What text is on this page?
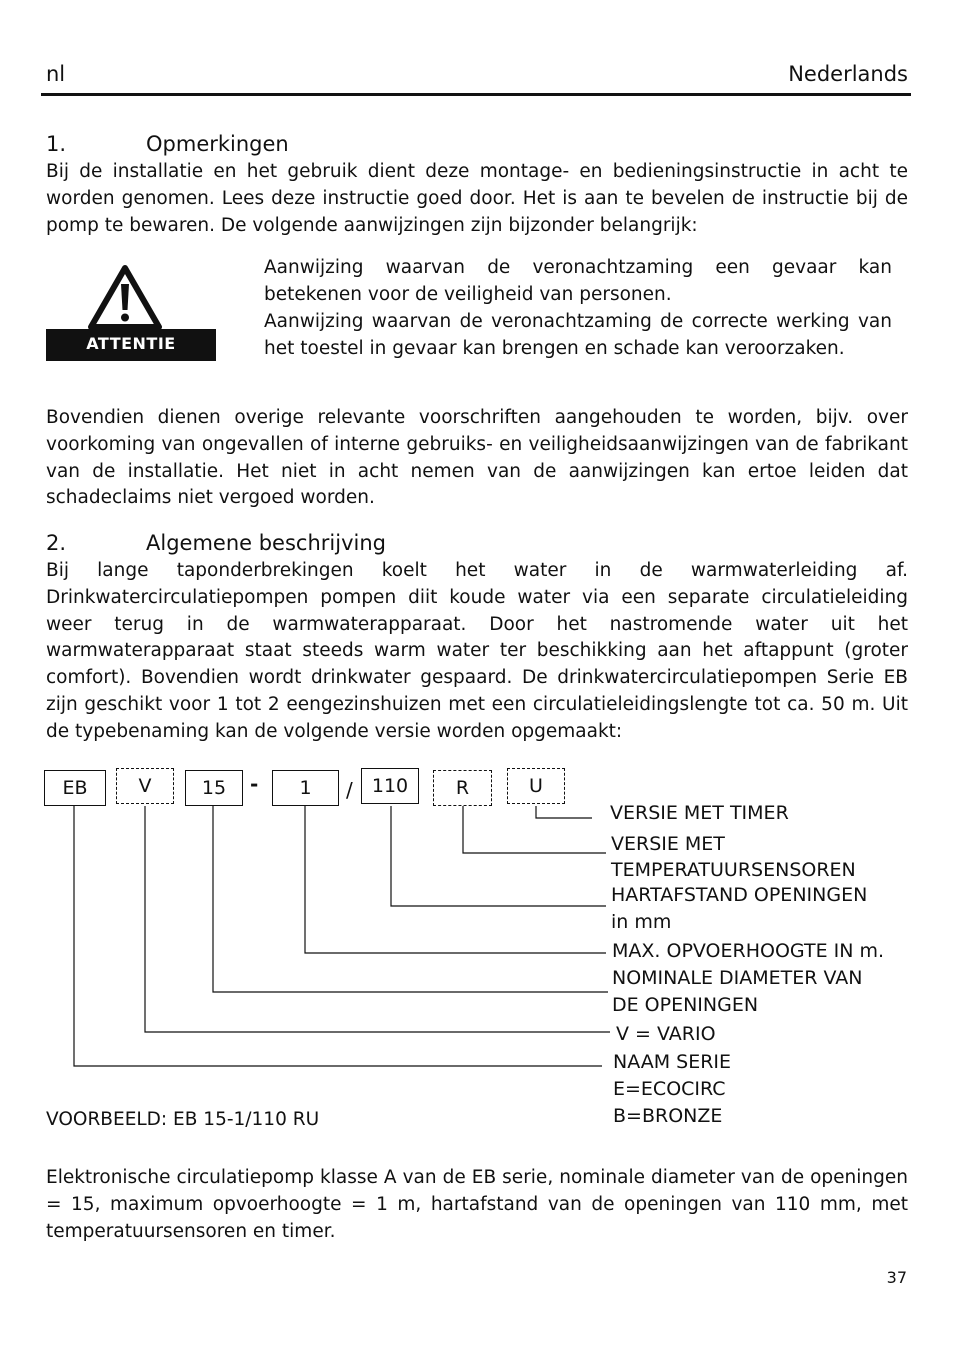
nl	Nederlands
1.	Opmerkingen
Bij de installatie en het gebruik dient deze montage- en bedieningsinstructie in acht te worden genomen. Lees deze instructie goed door. Het is aan te bevelen de instructie bij de pomp te bewaren. De volgende aanwijzingen zijn bijzonder belangrijk:
ATTENTIE
Aanwijzing waarvan de veronachtzaming een gevaar kan betekenen voor de veiligheid van personen.
Aanwijzing waarvan de veronachtzaming de correcte werking van het toestel in gevaar kan brengen en schade kan veroorzaken.
Bovendien dienen overige relevante voorschriften aangehouden te worden, bijv. over voorkoming van ongevallen of interne gebruiks- en veiligheidsaanwijzingen van de fabrikant van de installatie. Het niet in acht nemen van de aanwijzingen kan ertoe leiden dat schadeclaims niet vergoed worden.
2.	Algemene beschrijving
Bij lange taponderbrekingen koelt het water in de warmwaterleiding af. Drinkwatercirculatiepompen pompen diit koude water via een separate circulatieleiding weer terug in de warmwaterapparaat. Door het nastromende water uit het warmwaterapparaat staat steeds warm water ter beschikking aan het aftappunt (groter comfort). Bovendien wordt drinkwater gespaard. De drinkwatercirculatiepompen Serie EB zijn geschikt voor 1 tot 2 eengezinshuizen met een circulatieleidingslengte tot ca. 50 m. Uit de typebenaming kan de volgende versie worden opgemaakt:
EB	V	15	-	1	/	110	R	U
VERSIE MET TIMER
VERSIE MET
TEMPERATUURSENSOREN
HARTAFSTAND OPENINGEN
in mm
MAX. OPVOERHOOGTE IN m.
NOMINALE DIAMETER VAN
DE OPENINGEN
V = VARIO
NAAM SERIE
E=ECOCIRC
B=BRONZE
VOORBEELD: EB 15-1/110 RU
Elektronische circulatiepomp klasse A van de EB serie, nominale diameter van de openingen = 15, maximum opvoerhoogte = 1 m, hartafstand van de openingen van 110 mm, met temperatuursensoren en timer.
37
